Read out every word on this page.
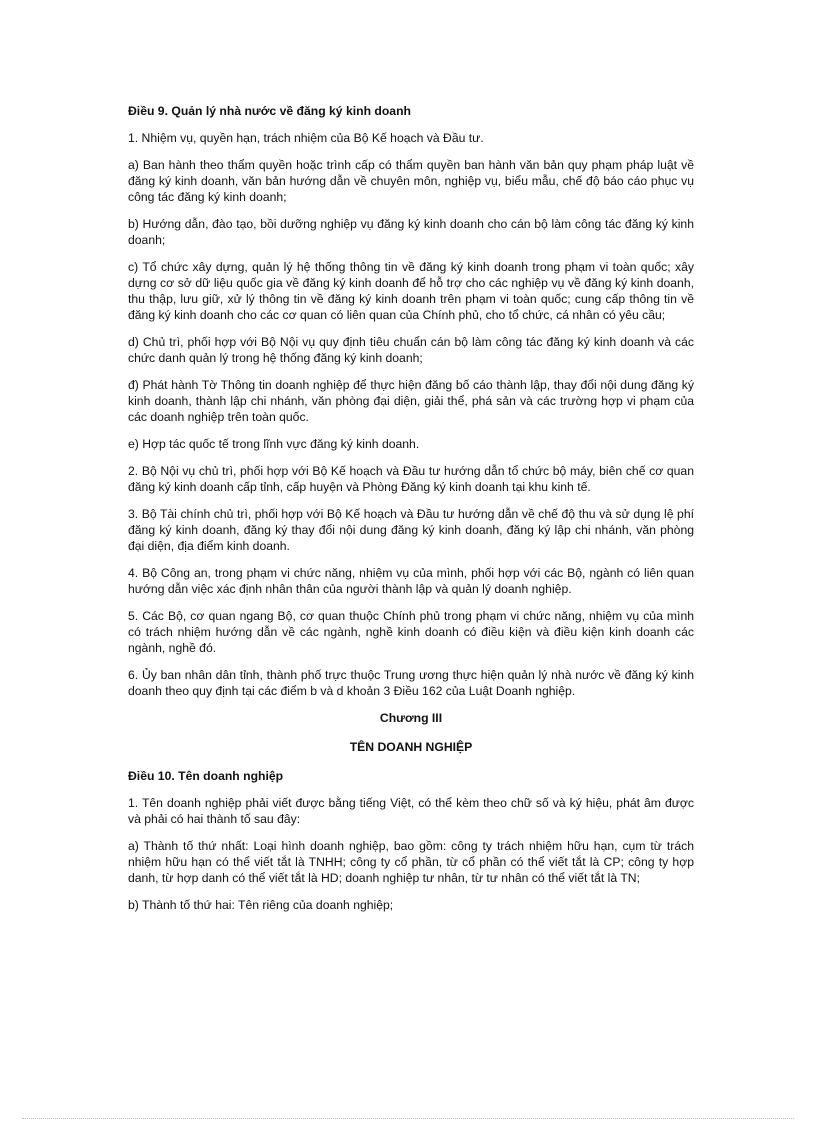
Điều 9. Quản lý nhà nước về đăng ký kinh doanh

1. Nhiệm vụ, quyền hạn, trách nhiệm của Bộ Kế hoạch và Đầu tư.

a) Ban hành theo thẩm quyền hoặc trình cấp có thẩm quyền ban hành văn bản quy phạm pháp luật về đăng ký kinh doanh, văn bản hướng dẫn về chuyên môn, nghiệp vụ, biểu mẫu, chế độ báo cáo phục vụ công tác đăng ký kinh doanh;

b) Hướng dẫn, đào tạo, bồi dưỡng nghiệp vụ đăng ký kinh doanh cho cán bộ làm công tác đăng ký kinh doanh;

c) Tổ chức xây dựng, quản lý hệ thống thông tin về đăng ký kinh doanh trong phạm vi toàn quốc; xây dựng cơ sở dữ liệu quốc gia về đăng ký kinh doanh để hỗ trợ cho các nghiệp vụ về đăng ký kinh doanh, thu thập, lưu giữ, xử lý thông tin về đăng ký kinh doanh trên phạm vi toàn quốc; cung cấp thông tin về đăng ký kinh doanh cho các cơ quan có liên quan của Chính phủ, cho tổ chức, cá nhân có yêu cầu;

d) Chủ trì, phối hợp với Bộ Nội vụ quy định tiêu chuẩn cán bộ làm công tác đăng ký kinh doanh và các chức danh quản lý trong hệ thống đăng ký kinh doanh;

đ) Phát hành Tờ Thông tin doanh nghiệp để thực hiện đăng bố cáo thành lập, thay đổi nội dung đăng ký kinh doanh, thành lập chi nhánh, văn phòng đại diện, giải thể, phá sản và các trường hợp vi phạm của các doanh nghiệp trên toàn quốc.

e) Hợp tác quốc tế trong lĩnh vực đăng ký kinh doanh.

2. Bộ Nội vụ chủ trì, phối hợp với Bộ Kế hoạch và Đầu tư hướng dẫn tổ chức bộ máy, biên chế cơ quan đăng ký kinh doanh cấp tỉnh, cấp huyện và Phòng Đăng ký kinh doanh tại khu kinh tế.

3. Bộ Tài chính chủ trì, phối hợp với Bộ Kế hoạch và Đầu tư hướng dẫn về chế độ thu và sử dụng lệ phí đăng ký kinh doanh, đăng ký thay đổi nội dung đăng ký kinh doanh, đăng ký lập chi nhánh, văn phòng đại diện, địa điểm kinh doanh.

4. Bộ Công an, trong phạm vi chức năng, nhiệm vụ của mình, phối hợp với các Bộ, ngành có liên quan hướng dẫn việc xác định nhân thân của người thành lập và quản lý doanh nghiệp.

5. Các Bộ, cơ quan ngang Bộ, cơ quan thuộc Chính phủ trong phạm vi chức năng, nhiệm vụ của mình có trách nhiệm hướng dẫn về các ngành, nghề kinh doanh có điều kiện và điều kiện kinh doanh các ngành, nghề đó.

6. Ủy ban nhân dân tỉnh, thành phố trực thuộc Trung ương thực hiện quản lý nhà nước về đăng ký kinh doanh theo quy định tại các điểm b và d khoản 3 Điều 162 của Luật Doanh nghiệp.

Chương III
TÊN DOANH NGHIỆP
Điều 10. Tên doanh nghiệp

1. Tên doanh nghiệp phải viết được bằng tiếng Việt, có thể kèm theo chữ số và ký hiệu, phát âm được và phải có hai thành tố sau đây:

a) Thành tố thứ nhất: Loại hình doanh nghiệp, bao gồm: công ty trách nhiệm hữu hạn, cụm từ trách nhiệm hữu hạn có thể viết tắt là TNHH; công ty cổ phần, từ cổ phần có thể viết tắt là CP; công ty hợp danh, từ hợp danh có thể viết tắt là HD; doanh nghiệp tư nhân, từ tư nhân có thể viết tắt là TN;

b) Thành tố thứ hai: Tên riêng của doanh nghiệp;
